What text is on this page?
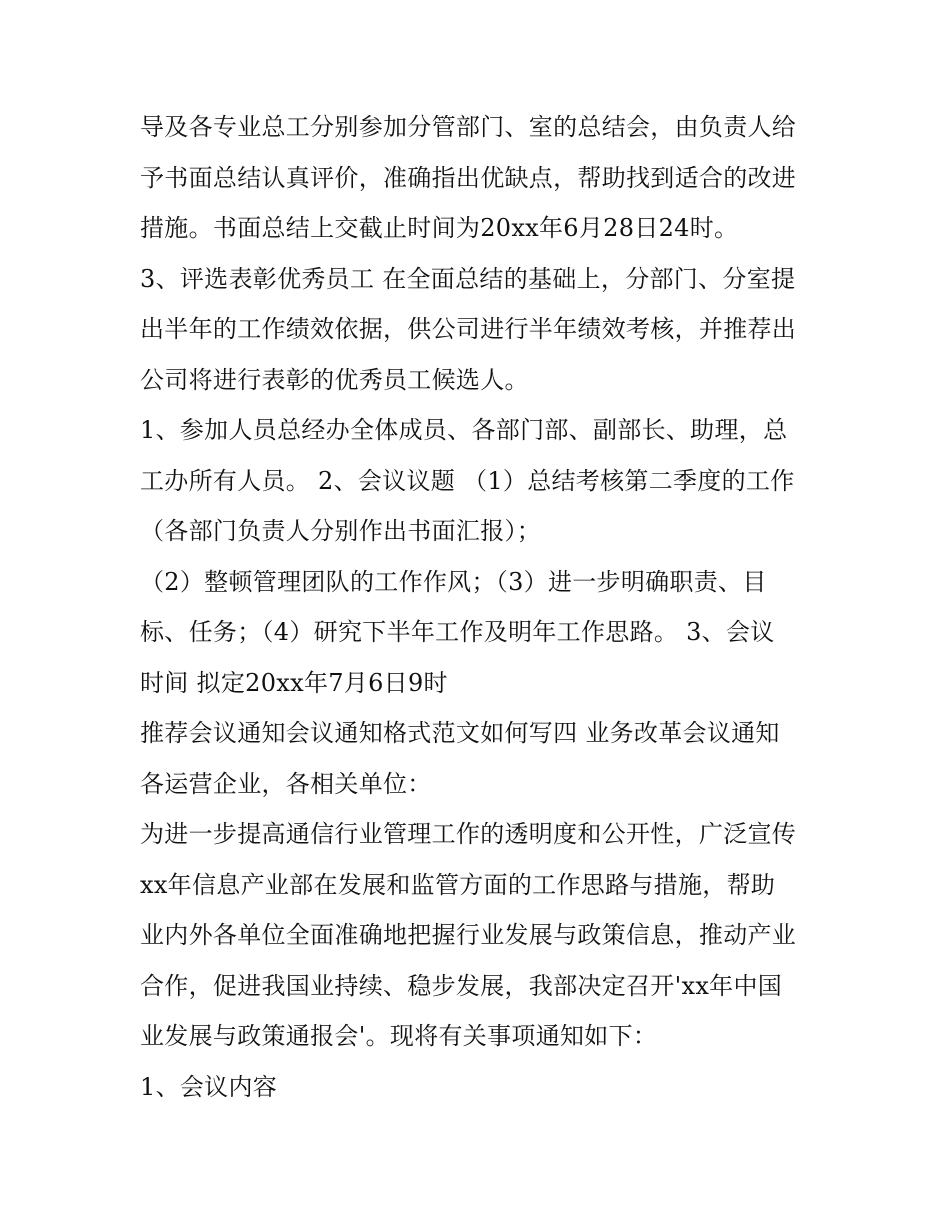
导及各专业总工分别参加分管部门、室的总结会，由负责人给
予书面总结认真评价，准确指出优缺点，帮助找到适合的改进
措施。书面总结上交截止时间为20xx年6月28日24时。
3、评选表彰优秀员工 在全面总结的基础上，分部门、分室提
出半年的工作绩效依据，供公司进行半年绩效考核，并推荐出
公司将进行表彰的优秀员工候选人。
1、参加人员总经办全体成员、各部门部、副部长、助理，总
工办所有人员。 2、会议议题 （1）总结考核第二季度的工作
（各部门负责人分别作出书面汇报）；
（2）整顿管理团队的工作作风；（3）进一步明确职责、目
标、任务；（4）研究下半年工作及明年工作思路。 3、会议
时间 拟定20xx年7月6日9时
推荐会议通知会议通知格式范文如何写四 业务改革会议通知
各运营企业，各相关单位：
为进一步提高通信行业管理工作的透明度和公开性，广泛宣传
xx年信息产业部在发展和监管方面的工作思路与措施，帮助
业内外各单位全面准确地把握行业发展与政策信息，推动产业
合作，促进我国业持续、稳步发展，我部决定召开'xx年中国
业发展与政策通报会'。现将有关事项通知如下：
1、会议内容
